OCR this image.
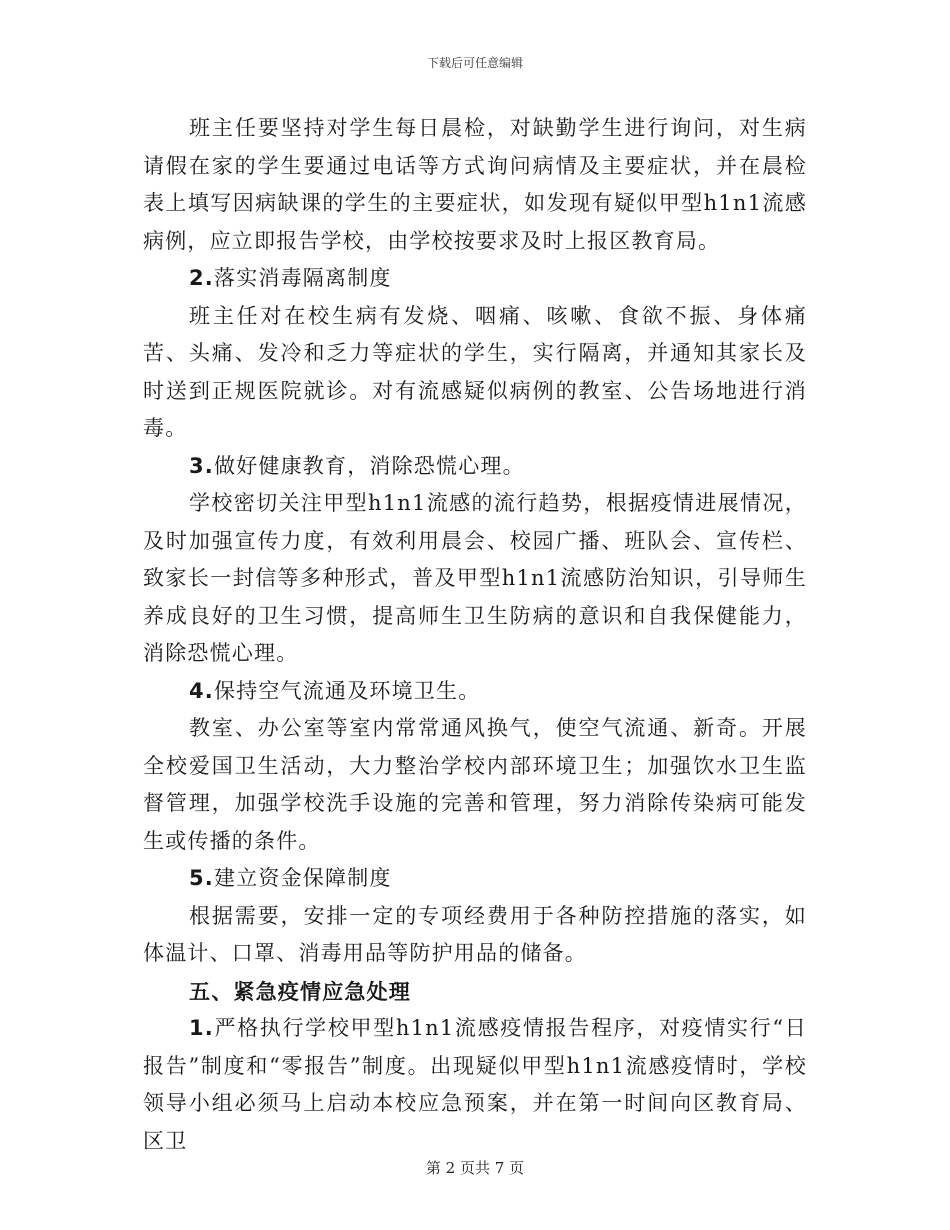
下载后可任意编辑

班主任要坚持对学生每日晨检，对缺勤学生进行询问，对生病请假在家的学生要通过电话等方式询问病情及主要症状，并在晨检表上填写因病缺课的学生的主要症状，如发现有疑似甲型h1n1流感病例，应立即报告学校，由学校按要求及时上报区教育局。

2.落实消毒隔离制度

班主任对在校生病有发烧、咽痛、咳嗽、食欲不振、身体痛苦、头痛、发冷和乏力等症状的学生，实行隔离，并通知其家长及时送到正规医院就诊。对有流感疑似病例的教室、公告场地进行消毒。

3.做好健康教育，消除恐慌心理。

学校密切关注甲型h1n1流感的流行趋势，根据疫情进展情况，及时加强宣传力度，有效利用晨会、校园广播、班队会、宣传栏、致家长一封信等多种形式，普及甲型h1n1流感防治知识，引导师生养成良好的卫生习惯，提高师生卫生防病的意识和自我保健能力，消除恐慌心理。

4.保持空气流通及环境卫生。

教室、办公室等室内常常通风换气，使空气流通、新奇。开展全校爱国卫生活动，大力整治学校内部环境卫生；加强饮水卫生监督管理，加强学校洗手设施的完善和管理，努力消除传染病可能发生或传播的条件。

5.建立资金保障制度

根据需要，安排一定的专项经费用于各种防控措施的落实，如体温计、口罩、消毒用品等防护用品的储备。

五、紧急疫情应急处理

1.严格执行学校甲型h1n1流感疫情报告程序，对疫情实行“日报告”制度和“零报告”制度。出现疑似甲型h1n1流感疫情时，学校领导小组必须马上启动本校应急预案，并在第一时间向区教育局、区卫

第 2 页共 7 页
